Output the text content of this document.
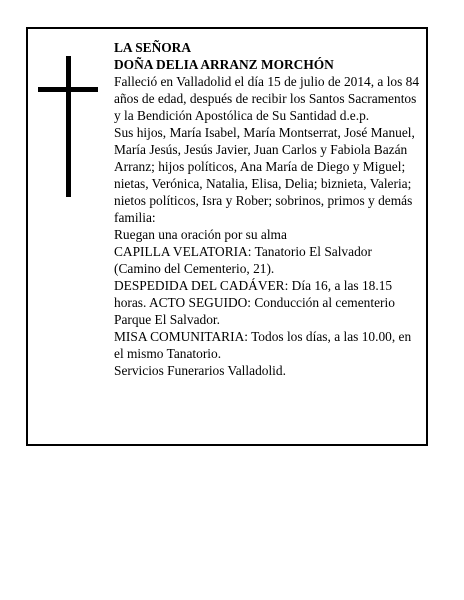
LA SEÑORA

DOÑA DELIA ARRANZ MORCHÓN

Falleció en Valladolid el día 15 de julio de 2014, a los 84 años de edad, después de recibir los Santos Sacramentos y la Bendición Apostólica de Su Santidad d.e.p.

Sus hijos, María Isabel, María Montserrat, José Manuel, María Jesús, Jesús Javier, Juan Carlos y Fabiola Bazán Arranz; hijos políticos, Ana María de Diego y Miguel; nietas, Verónica, Natalia, Elisa, Delia; biznieta, Valeria; nietos políticos, Isra y Rober; sobrinos, primos y demás familia:

Ruegan una oración por su alma

CAPILLA VELATORIA: Tanatorio El Salvador (Camino del Cementerio, 21).

DESPEDIDA DEL CADÁVER: Día 16, a las 18.15 horas. ACTO SEGUIDO: Conducción al cementerio Parque El Salvador.

MISA COMUNITARIA: Todos los días, a las 10.00, en el mismo Tanatorio.

Servicios Funerarios Valladolid.
